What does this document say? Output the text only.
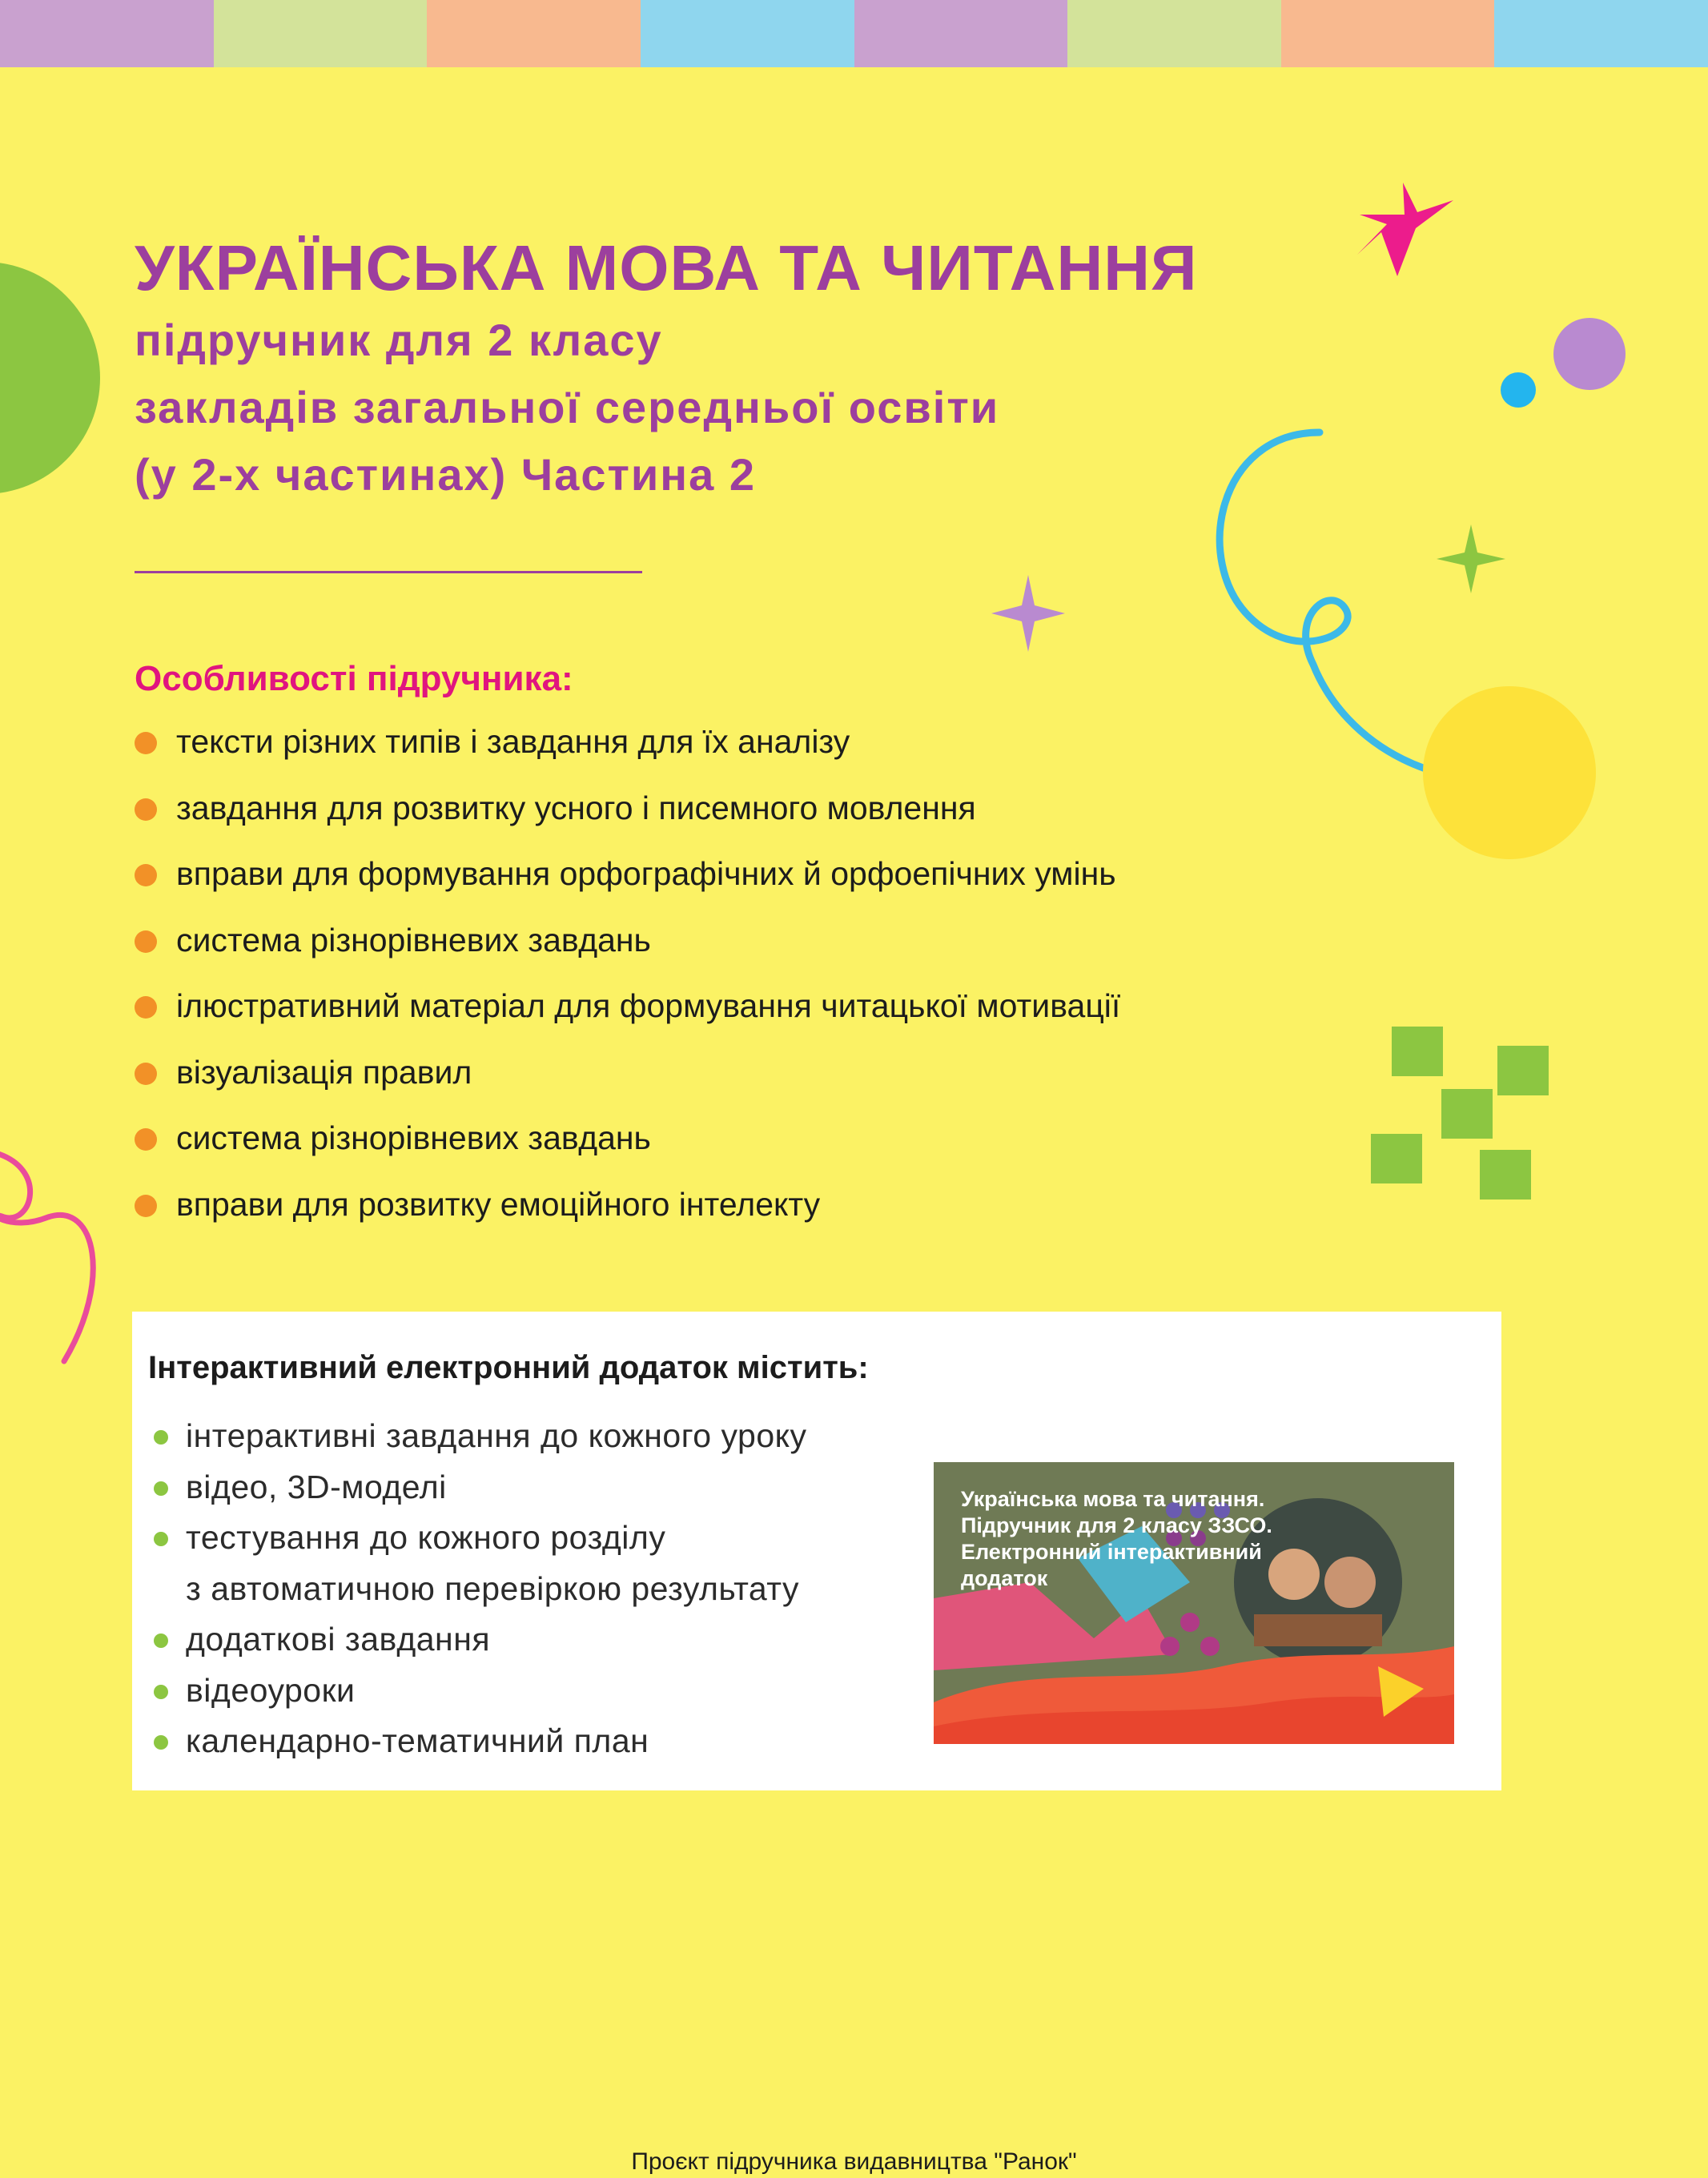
УКРАЇНСЬКА МОВА ТА ЧИТАННЯ

підручник для 2 класу

закладів загальної середньої освіти

(у 2-х частинах) Частина 2

Особливості підручника:
тексти різних типів і завдання для їх аналізу
завдання для розвитку усного і писемного мовлення
вправи для формування орфографічних й орфоепічних умінь
система різнорівневих завдань
ілюстративний матеріал для формування читацької мотивації
візуалізація правил
система різнорівневих завдань
вправи для розвитку емоційного інтелекту
Інтерактивний електронний додаток містить:
інтерактивні завдання до кожного уроку
відео, 3D-моделі
тестування до кожного розділу
з автоматичною перевіркою результату
додаткові завдання
відеоуроки
календарно-тематичний план

Українська мова та читання. Підручник для 2 класу ЗЗСО. Електронний інтерактивний додаток

Проєкт підручника видавництва "Ранок"
